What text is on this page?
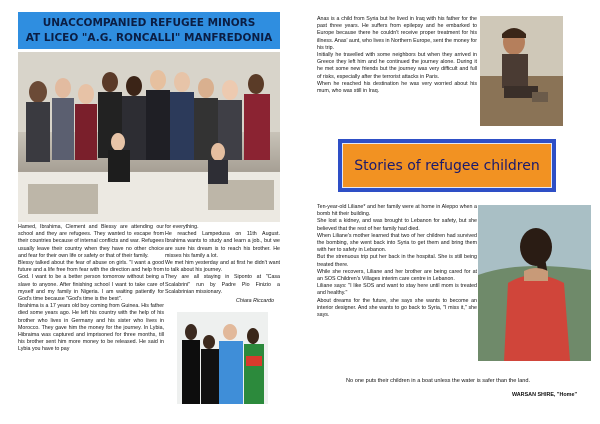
UNACCOMPANIED REFUGEE MINORS
AT LICEO "A.G. RONCALLI" MANFREDONIA

Hamed, Ibrahima, Clement and Blessy are attending our school and they are refugees. They wanted to escape from their countries because of internal conflicts and war. Refugees usually leave their country when they have no other choice and fear for their own life or safety or that of their family.

Blessy talked about the fear of abuse on girls. "I want a good future and a life free from fear with the direction and help from God. I want to be a better person tomorrow without being a slave to anyone. After finishing school I want to take care of myself and my family in Nigeria. I am waiting patiently for God's time because "God's time is the best".

Ibrahima is a 17 years old boy coming from Guinea. His father died some years ago. He left his country with the help of his brother who lives in Germany and his sister who lives in Morocco. They gave him the money for the journey. In Lybia, Hibraima was captured and imprisoned for three months, till his brother sent him more money to be released. He said in Lybia you have to pay

for everything.

He reached Lampedusa on 11th August. Ibrahima wants to study and learn a job., but we are sure his dream is to reach his brother. He misses his family a lot.

We met him yesterday and at first he didn't want to talk about his journey.

They are all staying in Siponto at "Casa Scalabrini" run by Padre Pio Finizio a Scalabrinian missionary.

Chiara Riccardo

Anas is a child from Syria but he lived in Iraq with his father for the past three years. He suffers from epilepsy and he embarked to Europe because there he couldn't receive proper treatment for his illness. Anas' aunt, who lives in Northern Europe, sent the money for his trip.

Initially he travelled with some neighbors but when they arrived in Greece they left him and he continued the journey alone. During it he met some new friends but the journey was very difficult and full of risks, especially after the terrorist attacks in Paris.

When he reached his destination he was very worried about his mum, who was still in Iraq.

Stories of refugee children

Ten-year-old Liliane* and her family were at home in Aleppo when a bomb hit their building.

She lost a kidney, and was brought to Lebanon for safety, but she believed that the rest of her family had died.

When Liliane's mother learned that two of her children had survived the bombing, she went back into Syria to get them and bring them with her to safety in Lebanon.

But the strenuous trip put her back in the hospital. She is still being treated there.

While she recovers, Liliane and her brother are being cared for at an SOS Children's Villages interim care centre in Lebanon.

Liliane says: "I like SOS and want to stay here until mom is treated and healthy."

About dreams for the future, she says she wants to become an interior designer. And she wants to go back to Syria, "I miss it," she says.

No one puts their children in a boat unless the water is safer than the land.
WARSAN SHIRE, "Home"
